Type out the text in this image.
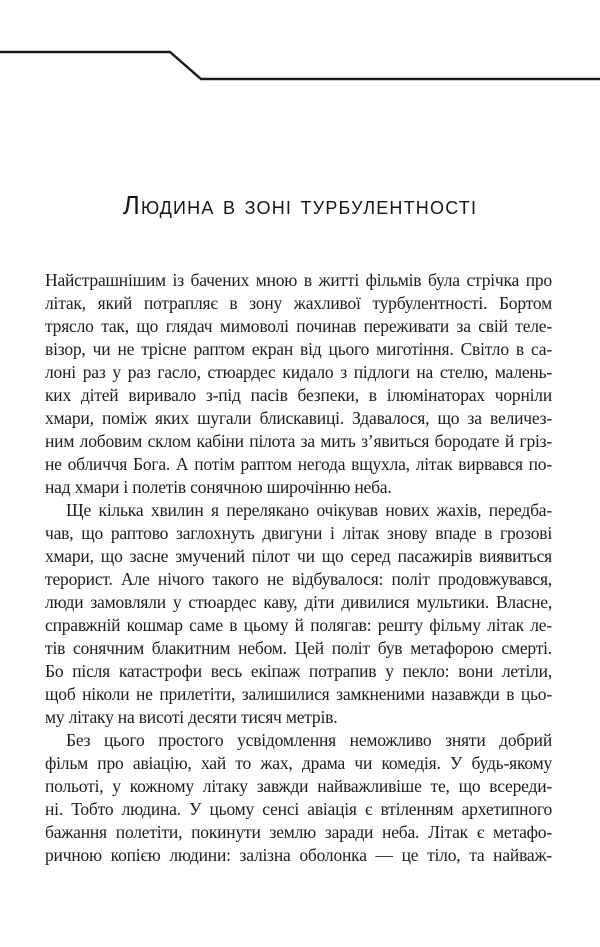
Людина в зоні турбулентності
Найстрашнішим із бачених мною в житті фільмів була стрічка про
літак, який потрапляє в зону жахливої турбулентності. Бортом
трясло так, що глядач мимоволі починав переживати за свій теле-
візор, чи не трісне раптом екран від цього миготіння. Світло в са-
лоні раз у раз гасло, стюардес кидало з підлоги на стелю, малень-
ких дітей виривало з-під пасів безпеки, в ілюмінаторах чорніли
хмари, поміж яких шугали блискавиці. Здавалося, що за величез-
ним лобовим склом кабіни пілота за мить з’явиться бородате й гріз-
не обличчя Бога. А потім раптом негода вщухла, літак вирвався по-
над хмари і полетів сонячною широчінню неба.
Ще кілька хвилин я перелякано очікував нових жахів, передба-
чав, що раптово заглохнуть двигуни і літак знову впаде в грозові
хмари, що засне змучений пілот чи що серед пасажирів виявиться
терорист. Але нічого такого не відбувалося: політ продовжувався,
люди замовляли у стюардес каву, діти дивилися мультики. Власне,
справжній кошмар саме в цьому й полягав: решту фільму літак ле-
тів сонячним блакитним небом. Цей політ був метафорою смерті.
Бо після катастрофи весь екіпаж потрапив у пекло: вони летіли,
щоб ніколи не прилетіти, залишилися замкненими назавжди в цьо-
му літаку на висоті десяти тисяч метрів.
Без цього простого усвідомлення неможливо зняти добрий
фільм про авіацію, хай то жах, драма чи комедія. У будь-якому
польоті, у кожному літаку завжди найважливіше те, що всереди-
ні. Тобто людина. У цьому сенсі авіація є втіленням архетипного
бажання полетіти, покинути землю заради неба. Літак є метафо-
ричною копією людини: залізна оболонка — це тіло, та найваж-
